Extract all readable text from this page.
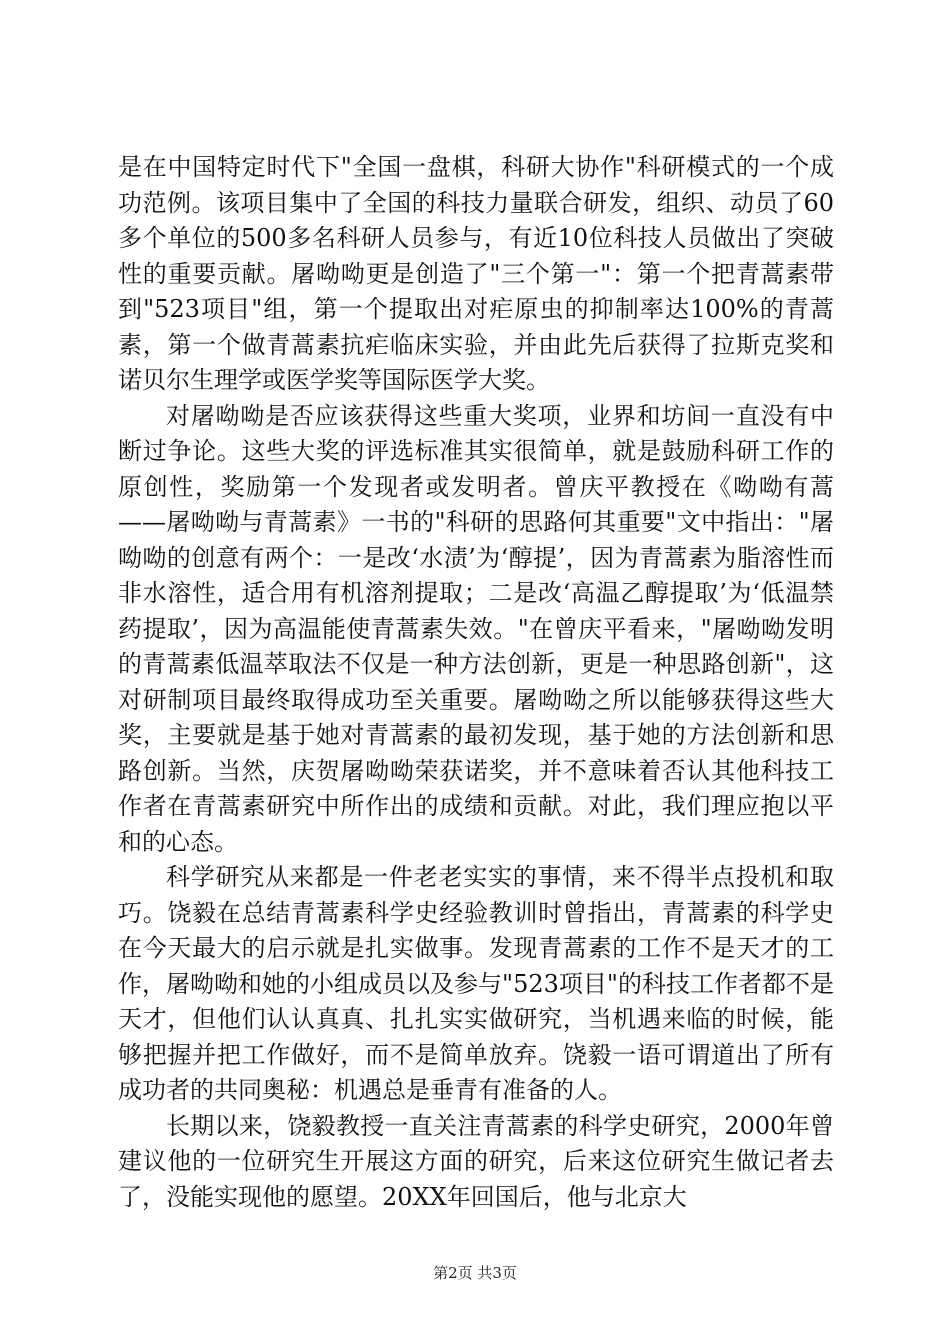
是在中国特定时代下"全国一盘棋，科研大协作"科研模式的一个成功范例。该项目集中了全国的科技力量联合研发，组织、动员了60多个单位的500多名科研人员参与，有近10位科技人员做出了突破性的重要贡献。屠呦呦更是创造了"三个第一"：第一个把青蒿素带到"523项目"组，第一个提取出对疟原虫的抑制率达100%的青蒿素，第一个做青蒿素抗疟临床实验，并由此先后获得了拉斯克奖和诺贝尔生理学或医学奖等国际医学大奖。

对屠呦呦是否应该获得这些重大奖项，业界和坊间一直没有中断过争论。这些大奖的评选标准其实很简单，就是鼓励科研工作的原创性，奖励第一个发现者或发明者。曾庆平教授在《呦呦有蒿——屠呦呦与青蒿素》一书的"科研的思路何其重要"文中指出："屠呦呦的创意有两个：一是改‘水渍’为‘醇提’，因为青蒿素为脂溶性而非水溶性，适合用有机溶剂提取；二是改‘高温乙醇提取’为‘低温禁药提取’，因为高温能使青蒿素失效。"在曾庆平看来，"屠呦呦发明的青蒿素低温萃取法不仅是一种方法创新，更是一种思路创新"，这对研制项目最终取得成功至关重要。屠呦呦之所以能够获得这些大奖，主要就是基于她对青蒿素的最初发现，基于她的方法创新和思路创新。当然，庆贺屠呦呦荣获诺奖，并不意味着否认其他科技工作者在青蒿素研究中所作出的成绩和贡献。对此，我们理应抱以平和的心态。

科学研究从来都是一件老老实实的事情，来不得半点投机和取巧。饶毅在总结青蒿素科学史经验教训时曾指出，青蒿素的科学史在今天最大的启示就是扎实做事。发现青蒿素的工作不是天才的工作，屠呦呦和她的小组成员以及参与"523项目"的科技工作者都不是天才，但他们认认真真、扎扎实实做研究，当机遇来临的时候，能够把握并把工作做好，而不是简单放弃。饶毅一语可谓道出了所有成功者的共同奥秘：机遇总是垂青有准备的人。

长期以来，饶毅教授一直关注青蒿素的科学史研究，2000年曾建议他的一位研究生开展这方面的研究，后来这位研究生做记者去了，没能实现他的愿望。20XX年回国后，他与北京大

第2页 共3页
